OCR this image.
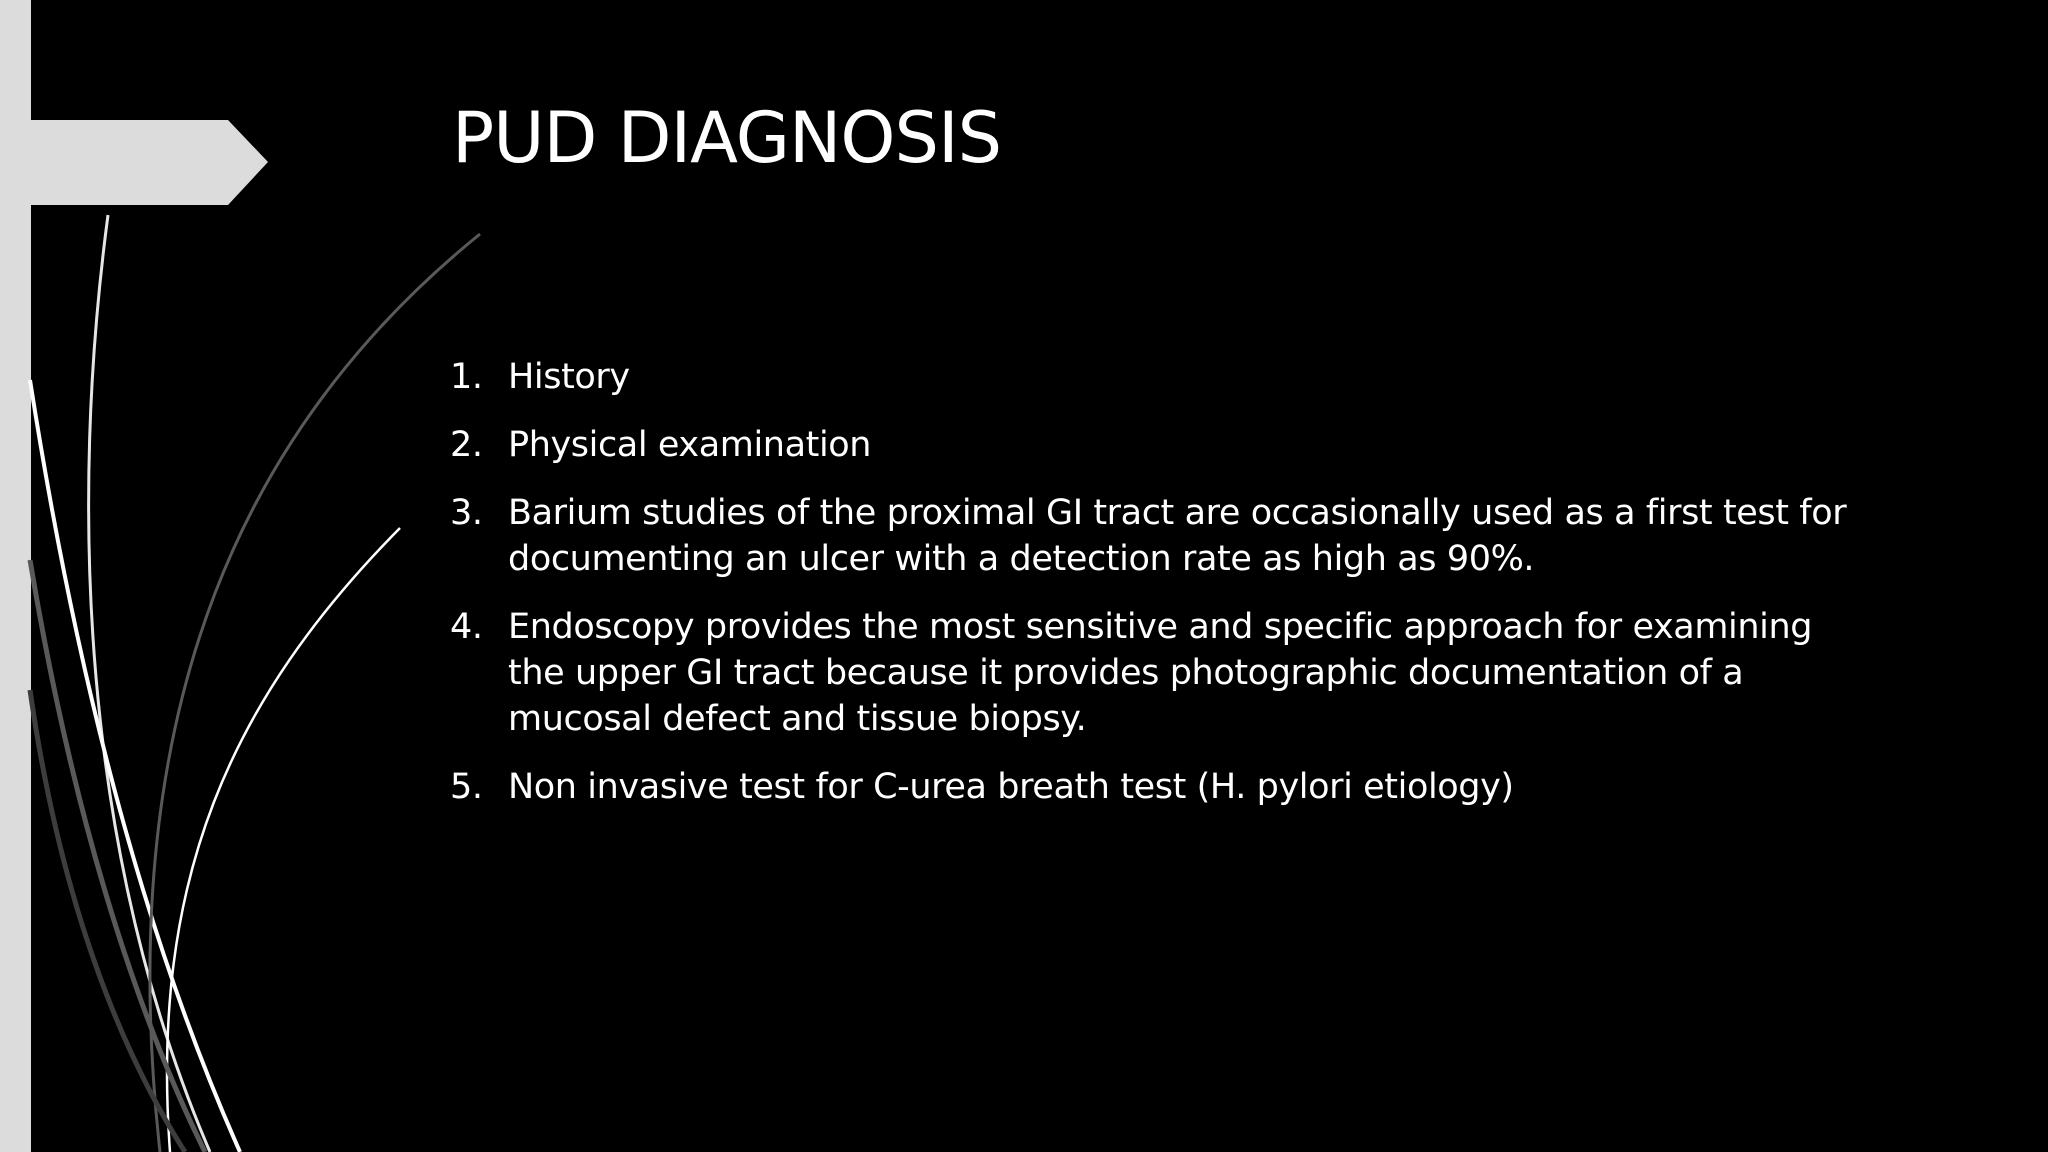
PUD DIAGNOSIS
1. History
2. Physical examination
3. Barium studies of the proximal GI tract are occasionally used as a first test for documenting an ulcer with a detection rate as high as 90%.
4. Endoscopy provides the most sensitive and specific approach for examining the upper GI tract because it provides photographic documentation of a mucosal defect and tissue biopsy.
5. Non invasive test for C-urea breath test (H. pylori etiology)
